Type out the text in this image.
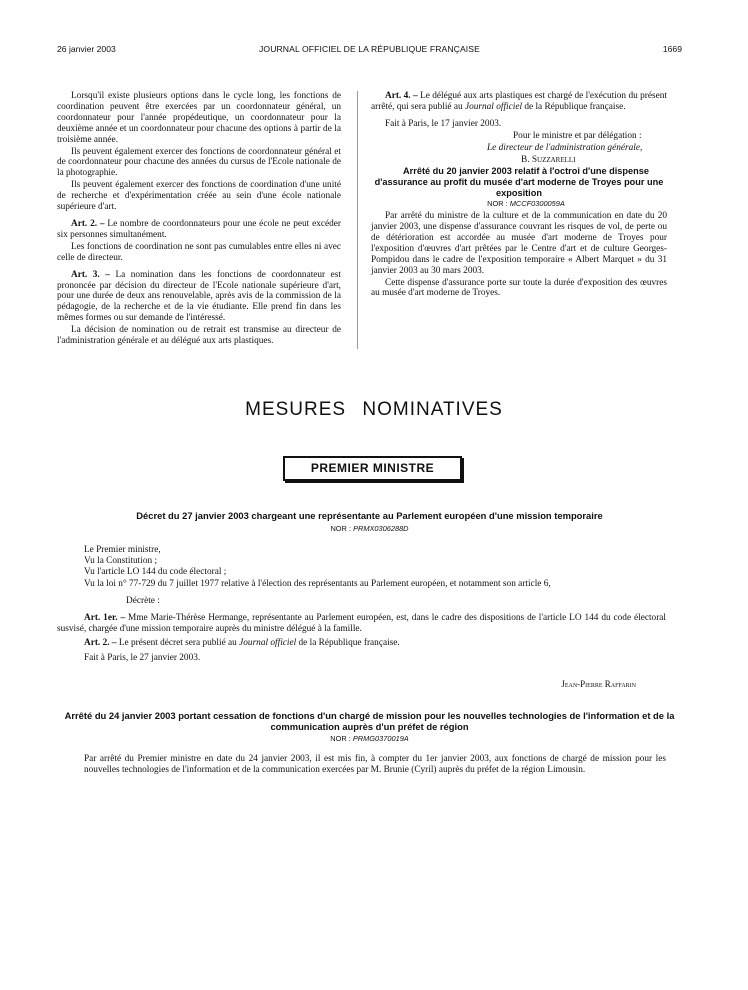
26 janvier 2003	JOURNAL OFFICIEL DE LA RÉPUBLIQUE FRANÇAISE	1669

Lorsqu'il existe plusieurs options dans le cycle long, les fonctions de coordination peuvent être exercées par un coordonnateur général, un coordonnateur pour l'année propédeutique, un coordonnateur pour la deuxième année et un coordonnateur pour chacune des options à partir de la troisième année.

Ils peuvent également exercer des fonctions de coordonnateur général et de coordonnateur pour chacune des années du cursus de l'Ecole nationale de la photographie.

Ils peuvent également exercer des fonctions de coordination d'une unité de recherche et d'expérimentation créée au sein d'une école nationale supérieure d'art.

Art. 2. – Le nombre de coordonnateurs pour une école ne peut excéder six personnes simultanément.

Les fonctions de coordination ne sont pas cumulables entre elles ni avec celle de directeur.

Art. 3. – La nomination dans les fonctions de coordonnateur est prononcée par décision du directeur de l'Ecole nationale supérieure d'art, pour une durée de deux ans renouvelable, après avis de la commission de la pédagogie, de la recherche et de la vie étudiante. Elle prend fin dans les mêmes formes ou sur demande de l'intéressé.

La décision de nomination ou de retrait est transmise au directeur de l'administration générale et au délégué aux arts plastiques.

Art. 4. – Le délégué aux arts plastiques est chargé de l'exécution du présent arrêté, qui sera publié au Journal officiel de la République française.

Fait à Paris, le 17 janvier 2003.

Pour le ministre et par délégation :

Le directeur de l'administration générale,

B. Suzzarelli

Arrêté du 20 janvier 2003 relatif à l'octroi d'une dispense d'assurance au profit du musée d'art moderne de Troyes pour une exposition

NOR : MCCF0300059A

Par arrêté du ministre de la culture et de la communication en date du 20 janvier 2003, une dispense d'assurance couvrant les risques de vol, de perte ou de détérioration est accordée au musée d'art moderne de Troyes pour l'exposition d'œuvres d'art prêtées par le Centre d'art et de culture Georges-Pompidou dans le cadre de l'exposition temporaire « Albert Marquet » du 31 janvier 2003 au 30 mars 2003.

Cette dispense d'assurance porte sur toute la durée d'exposition des œuvres au musée d'art moderne de Troyes.

MESURES NOMINATIVES
PREMIER MINISTRE
Décret du 27 janvier 2003 chargeant une représentante au Parlement européen d'une mission temporaire
NOR : PRMX0306288D

Le Premier ministre,

Vu la Constitution ;

Vu l'article LO 144 du code électoral ;

Vu la loi n° 77-729 du 7 juillet 1977 relative à l'élection des représentants au Parlement européen, et notamment son article 6,

Décrète :

Art. 1er. – Mme Marie-Thérèse Hermange, représentante au Parlement européen, est, dans le cadre des dispositions de l'article LO 144 du code électoral susvisé, chargée d'une mission temporaire auprès du ministre délégué à la famille.

Art. 2. – Le présent décret sera publié au Journal officiel de la République française.

Fait à Paris, le 27 janvier 2003.

Jean-Pierre Raffarin
Arrêté du 24 janvier 2003 portant cessation de fonctions d'un chargé de mission pour les nouvelles technologies de l'information et de la communication auprès d'un préfet de région
NOR : PRMG0370019A
Par arrêté du Premier ministre en date du 24 janvier 2003, il est mis fin, à compter du 1er janvier 2003, aux fonctions de chargé de mission pour les nouvelles technologies de l'information et de la communication exercées par M. Brunie (Cyril) auprès du préfet de la région Limousin.
